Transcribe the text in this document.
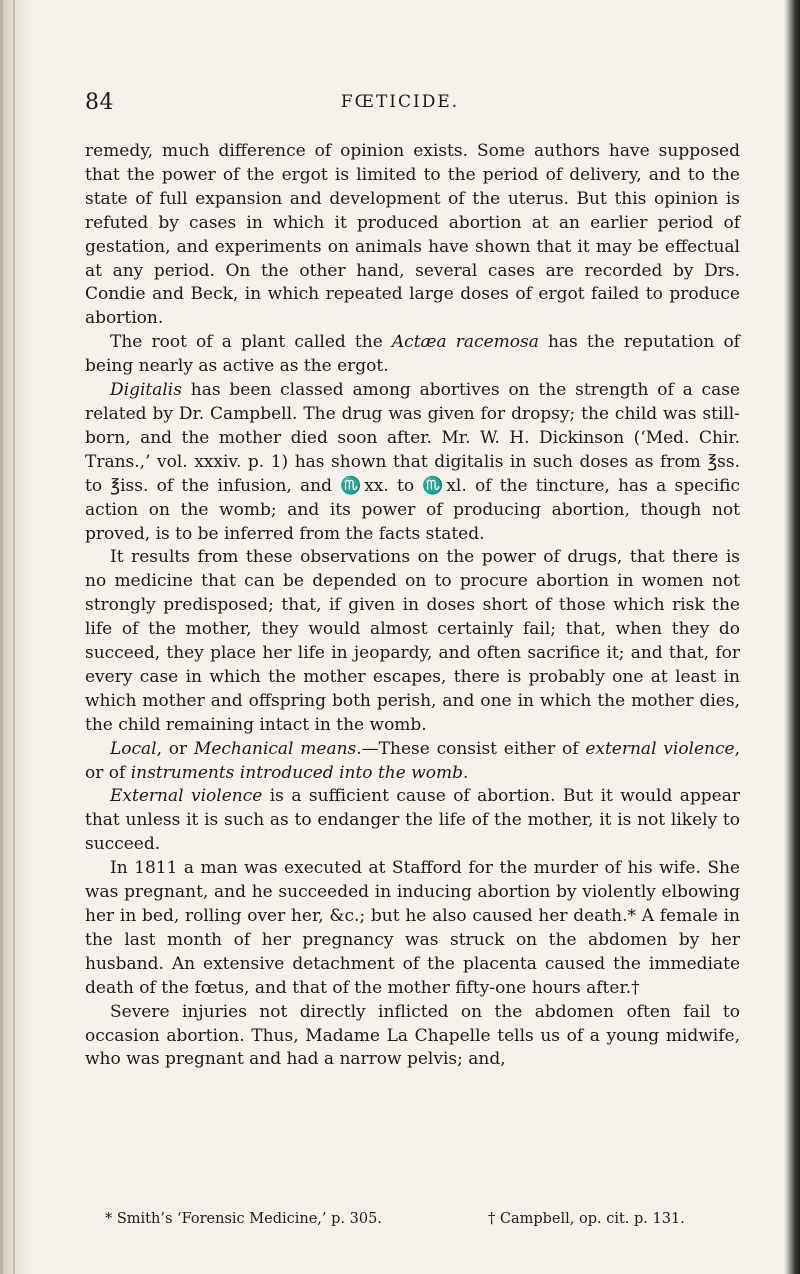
84	FŒTICIDE.

remedy, much difference of opinion exists. Some authors have supposed that the power of the ergot is limited to the period of delivery, and to the state of full expansion and development of the uterus. But this opinion is refuted by cases in which it produced abortion at an earlier period of gestation, and experiments on animals have shown that it may be effectual at any period. On the other hand, several cases are recorded by Drs. Condie and Beck, in which repeated large doses of ergot failed to produce abortion.

The root of a plant called the Actæa racemosa has the reputation of being nearly as active as the ergot.

Digitalis has been classed among abortives on the strength of a case related by Dr. Campbell. The drug was given for dropsy; the child was still-born, and the mother died soon after. Mr. W. H. Dickinson (‘Med. Chir. Trans.,’ vol. xxxiv. p. 1) has shown that digitalis in such doses as from ℥ss. to ℥iss. of the infusion, and ♏xx. to ♏xl. of the tincture, has a specific action on the womb; and its power of producing abortion, though not proved, is to be inferred from the facts stated.

It results from these observations on the power of drugs, that there is no medicine that can be depended on to procure abortion in women not strongly predisposed; that, if given in doses short of those which risk the life of the mother, they would almost certainly fail; that, when they do succeed, they place her life in jeopardy, and often sacrifice it; and that, for every case in which the mother escapes, there is probably one at least in which mother and offspring both perish, and one in which the mother dies, the child remaining intact in the womb.

Local, or Mechanical means.—These consist either of external violence, or of instruments introduced into the womb.

External violence is a sufficient cause of abortion. But it would appear that unless it is such as to endanger the life of the mother, it is not likely to succeed.

In 1811 a man was executed at Stafford for the murder of his wife. She was pregnant, and he succeeded in inducing abortion by violently elbowing her in bed, rolling over her, &c.; but he also caused her death.* A female in the last month of her pregnancy was struck on the abdomen by her husband. An extensive detachment of the placenta caused the immediate death of the fœtus, and that of the mother fifty-one hours after.†

Severe injuries not directly inflicted on the abdomen often fail to occasion abortion. Thus, Madame La Chapelle tells us of a young midwife, who was pregnant and had a narrow pelvis; and,

* Smith’s ‘Forensic Medicine,’ p. 305.	† Campbell, op. cit. p. 131.
